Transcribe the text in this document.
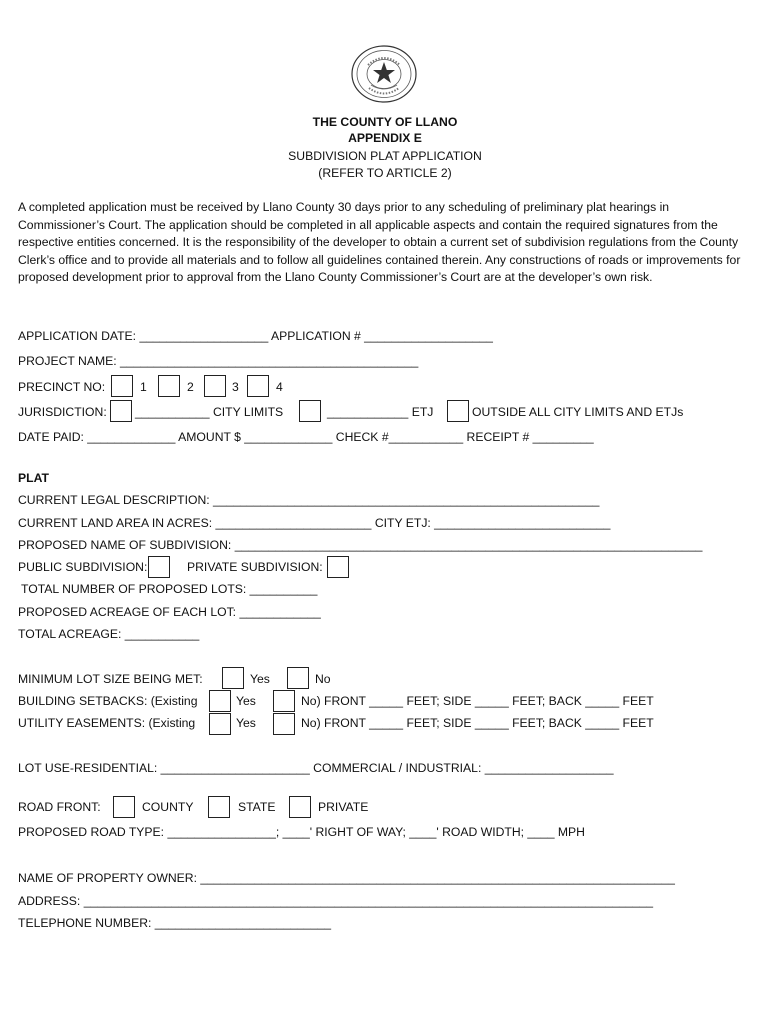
THE COUNTY OF LLANO
APPENDIX E
SUBDIVISION PLAT APPLICATION
(REFER TO ARTICLE 2)
A completed application must be received by Llano County 30 days prior to any scheduling of preliminary plat hearings in Commissioner’s Court. The application should be completed in all applicable aspects and contain the required signatures from the respective entities concerned. It is the responsibility of the developer to obtain a current set of subdivision regulations from the County Clerk’s office and to provide all materials and to follow all guidelines contained therein. Any constructions of roads or improvements for proposed development prior to approval from the Llano County Commissioner’s Court are at the developer’s own risk.
APPLICATION DATE: ___________________ APPLICATION # ___________________
PROJECT NAME: ____________________________________________
PRECINCT NO:	1	2	3	4
JURISDICTION: ___________ CITY LIMITS	____________ ETJ	OUTSIDE ALL CITY LIMITS AND ETJs
DATE PAID: _____________ AMOUNT $ _____________ CHECK #___________ RECEIPT # _________
PLAT
CURRENT LEGAL DESCRIPTION: _________________________________________________________
CURRENT LAND AREA IN ACRES: _______________________ CITY ETJ: __________________________
PROPOSED NAME OF SUBDIVISION: _____________________________________________________________________
PUBLIC SUBDIVISION:	PRIVATE SUBDIVISION:
TOTAL NUMBER OF PROPOSED LOTS: __________
PROPOSED ACREAGE OF EACH LOT: ____________
TOTAL ACREAGE: ___________
MINIMUM LOT SIZE BEING MET:	Yes	No
BUILDING SETBACKS: (Existing	Yes	No) FRONT _____ FEET; SIDE _____ FEET; BACK _____ FEET
UTILITY EASEMENTS: (Existing	Yes	No) FRONT _____ FEET; SIDE _____ FEET; BACK _____ FEET
LOT USE-RESIDENTIAL: ______________________ COMMERCIAL / INDUSTRIAL: ___________________
ROAD FRONT:	COUNTY	STATE	PRIVATE
PROPOSED ROAD TYPE: ________________; ____' RIGHT OF WAY; ____' ROAD WIDTH; ____ MPH
NAME OF PROPERTY OWNER: ______________________________________________________________________
ADDRESS: ____________________________________________________________________________________
TELEPHONE NUMBER: __________________________
